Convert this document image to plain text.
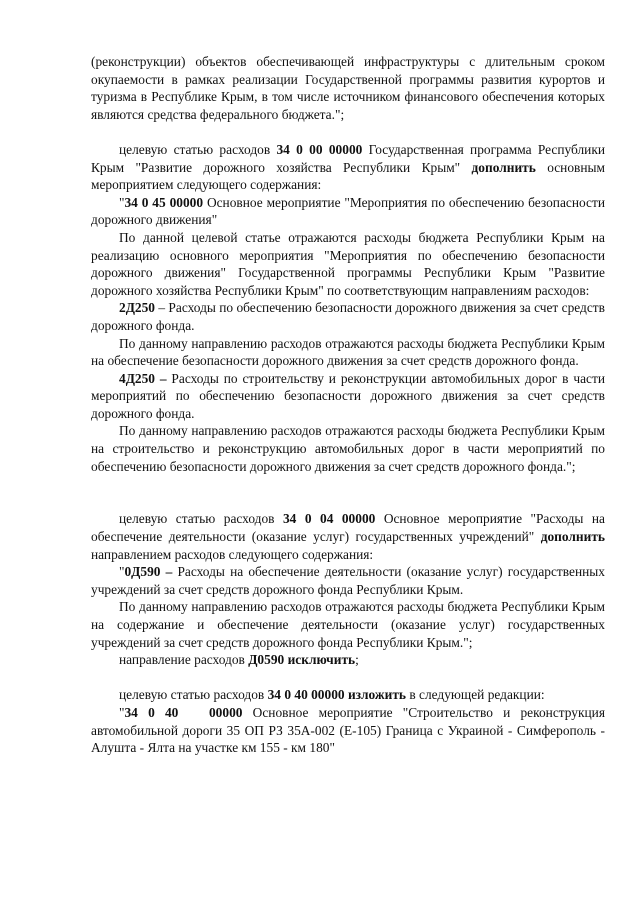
(реконструкции) объектов обеспечивающей инфраструктуры с длительным сроком окупаемости в рамках реализации Государственной программы развития курортов и туризма в Республике Крым, в том числе источником финансового обеспечения которых являются средства федерального бюджета.";

целевую статью расходов 34 0 00 00000 Государственная программа Республики Крым "Развитие дорожного хозяйства Республики Крым" дополнить основным мероприятием следующего содержания:

"34 0 45 00000 Основное мероприятие "Мероприятия по обеспечению безопасности дорожного движения"

По данной целевой статье отражаются расходы бюджета Республики Крым на реализацию основного мероприятия "Мероприятия по обеспечению безопасности дорожного движения" Государственной программы Республики Крым "Развитие дорожного хозяйства Республики Крым" по соответствующим направлениям расходов:

2Д250 – Расходы по обеспечению безопасности дорожного движения за счет средств дорожного фонда.

По данному направлению расходов отражаются расходы бюджета Республики Крым на обеспечение безопасности дорожного движения за счет средств дорожного фонда.

4Д250 – Расходы по строительству и реконструкции автомобильных дорог в части мероприятий по обеспечению безопасности дорожного движения за счет средств дорожного фонда.

По данному направлению расходов отражаются расходы бюджета Республики Крым на строительство и реконструкцию автомобильных дорог в части мероприятий по обеспечению безопасности дорожного движения за счет средств дорожного фонда.";

целевую статью расходов 34 0 04 00000 Основное мероприятие "Расходы на обеспечение деятельности (оказание услуг) государственных учреждений" дополнить направлением расходов следующего содержания:

"0Д590 – Расходы на обеспечение деятельности (оказание услуг) государственных учреждений за счет средств дорожного фонда Республики Крым.

По данному направлению расходов отражаются расходы бюджета Республики Крым на содержание и обеспечение деятельности (оказание услуг) государственных учреждений за счет средств дорожного фонда Республики Крым.";

направление расходов Д0590 исключить;

целевую статью расходов 34 0 40 00000 изложить в следующей редакции:

"34 0 40   00000 Основное мероприятие "Строительство и реконструкция автомобильной дороги 35 ОП РЗ 35А-002 (Е-105) Граница с Украиной - Симферополь - Алушта - Ялта на участке км 155 - км 180"
